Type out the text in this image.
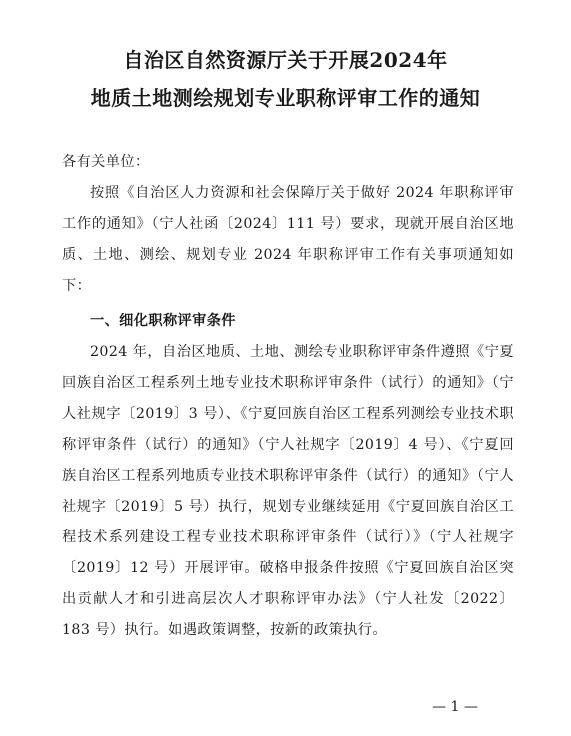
自治区自然资源厅关于开展2024年
地质土地测绘规划专业职称评审工作的通知
各有关单位：
按照《自治区人力资源和社会保障厅关于做好 2024 年职称评审工作的通知》（宁人社函〔2024〕111 号）要求，现就开展自治区地质、土地、测绘、规划专业 2024 年职称评审工作有关事项通知如下：
一、细化职称评审条件
2024 年，自治区地质、土地、测绘专业职称评审条件遵照《宁夏回族自治区工程系列土地专业技术职称评审条件（试行）的通知》（宁人社规字〔2019〕3 号）、《宁夏回族自治区工程系列测绘专业技术职称评审条件（试行）的通知》（宁人社规字〔2019〕4 号）、《宁夏回族自治区工程系列地质专业技术职称评审条件（试行）的通知》（宁人社规字〔2019〕5 号）执行，规划专业继续延用《宁夏回族自治区工程技术系列建设工程专业技术职称评审条件（试行）》（宁人社规字〔2019〕12 号）开展评审。破格申报条件按照《宁夏回族自治区突出贡献人才和引进高层次人才职称评审办法》（宁人社发〔2022〕183 号）执行。如遇政策调整，按新的政策执行。
— 1 —
